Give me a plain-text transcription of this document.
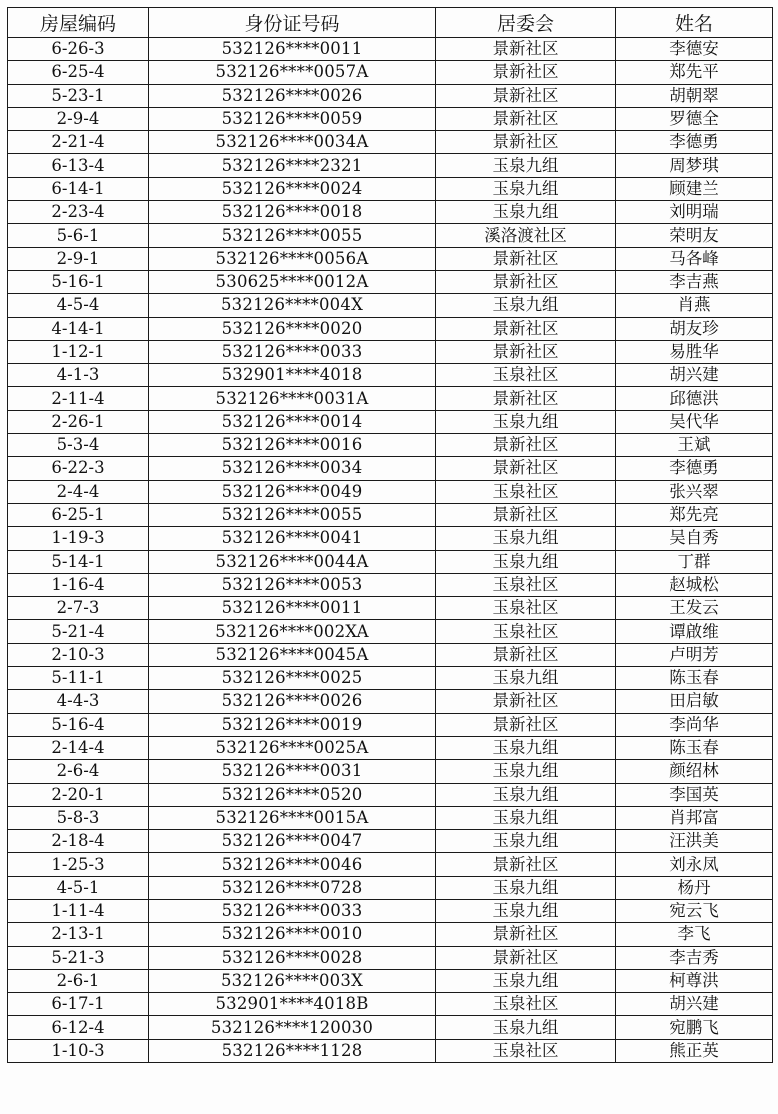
房屋编码	身份证号码	居委会	姓名
6-26-3	532126****0011	景新社区	李德安
6-25-4	532126****0057A	景新社区	郑先平
5-23-1	532126****0026	景新社区	胡朝翠
2-9-4	532126****0059	景新社区	罗德全
2-21-4	532126****0034A	景新社区	李德勇
6-13-4	532126****2321	玉泉九组	周梦琪
6-14-1	532126****0024	玉泉九组	顾建兰
2-23-4	532126****0018	玉泉九组	刘明瑞
5-6-1	532126****0055	溪洛渡社区	荣明友
2-9-1	532126****0056A	景新社区	马各峰
5-16-1	530625****0012A	景新社区	李吉燕
4-5-4	532126****004X	玉泉九组	肖燕
4-14-1	532126****0020	景新社区	胡友珍
1-12-1	532126****0033	景新社区	易胜华
4-1-3	532901****4018	玉泉社区	胡兴建
2-11-4	532126****0031A	景新社区	邱德洪
2-26-1	532126****0014	玉泉九组	吴代华
5-3-4	532126****0016	景新社区	王斌
6-22-3	532126****0034	景新社区	李德勇
2-4-4	532126****0049	玉泉社区	张兴翠
6-25-1	532126****0055	景新社区	郑先亮
1-19-3	532126****0041	玉泉九组	吴自秀
5-14-1	532126****0044A	玉泉九组	丁群
1-16-4	532126****0053	玉泉社区	赵城松
2-7-3	532126****0011	玉泉社区	王发云
5-21-4	532126****002XA	玉泉社区	谭啟维
2-10-3	532126****0045A	景新社区	卢明芳
5-11-1	532126****0025	玉泉九组	陈玉春
4-4-3	532126****0026	景新社区	田启敏
5-16-4	532126****0019	景新社区	李尚华
2-14-4	532126****0025A	玉泉九组	陈玉春
2-6-4	532126****0031	玉泉九组	颜绍林
2-20-1	532126****0520	玉泉九组	李国英
5-8-3	532126****0015A	玉泉九组	肖邦富
2-18-4	532126****0047	玉泉九组	汪洪美
1-25-3	532126****0046	景新社区	刘永凤
4-5-1	532126****0728	玉泉九组	杨丹
1-11-4	532126****0033	玉泉九组	宛云飞
2-13-1	532126****0010	景新社区	李飞
5-21-3	532126****0028	景新社区	李吉秀
2-6-1	532126****003X	玉泉九组	柯尊洪
6-17-1	532901****4018B	玉泉社区	胡兴建
6-12-4	532126****120030	玉泉九组	宛鹏飞
1-10-3	532126****1128	玉泉社区	熊正英
